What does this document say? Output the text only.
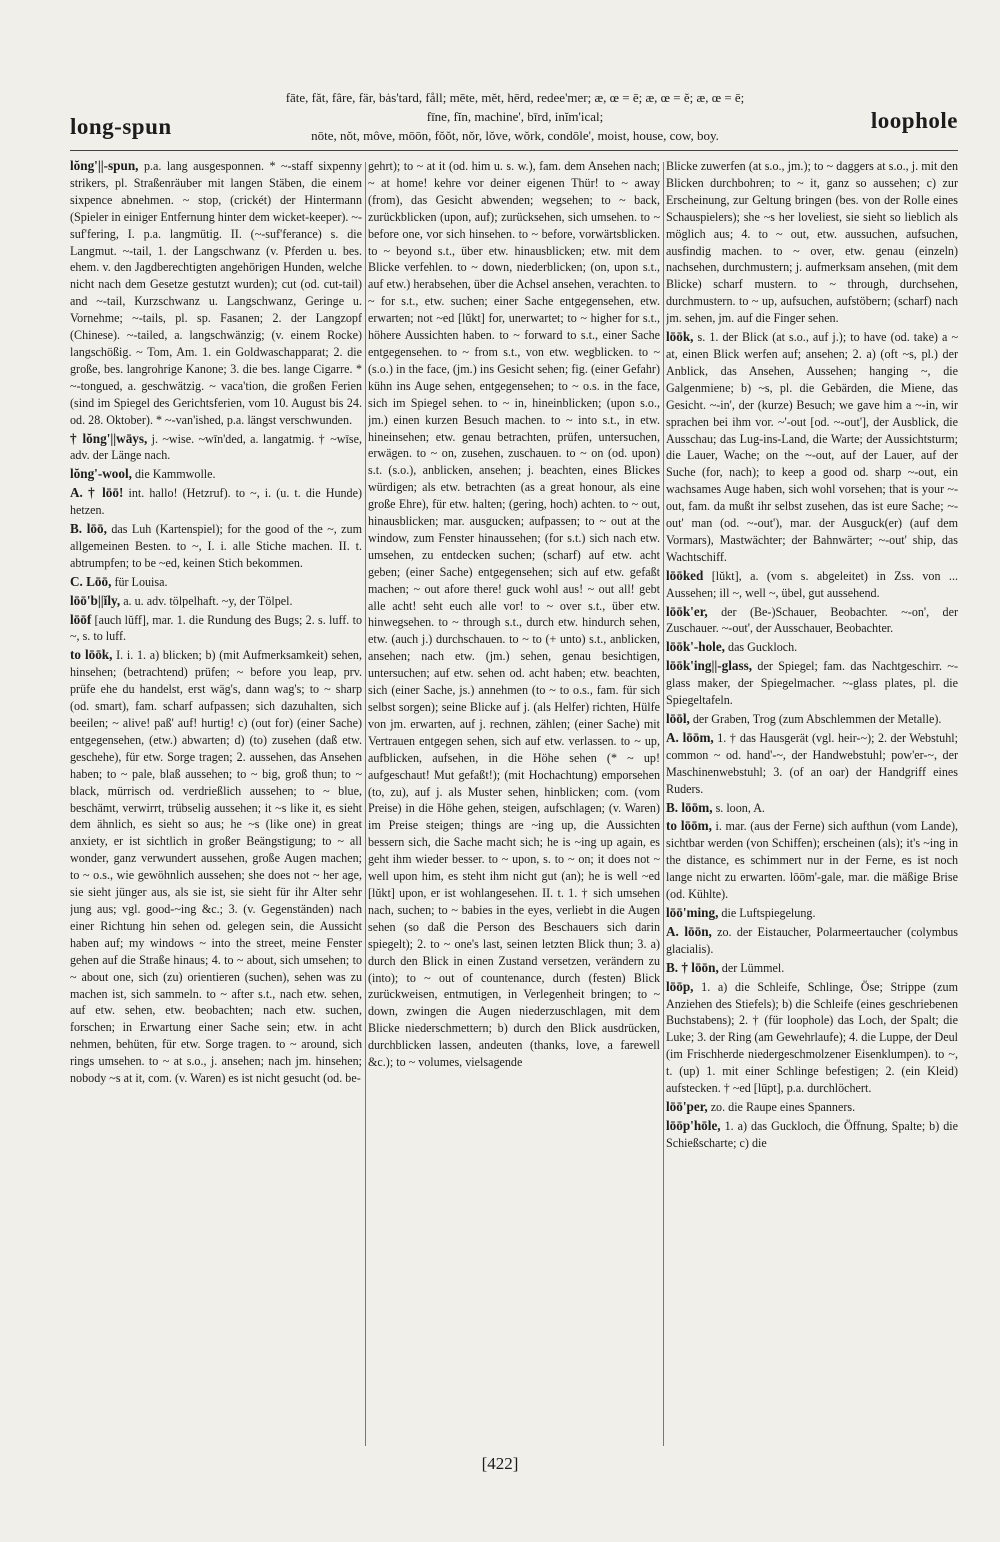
long-spun
fāte, făt, fâre, fär, bȧs'tard, fåll; mēte, mĕt, hērd, redee'mer; æ, œ = ē; æ, œ = ĕ; æ, œ = ē;
fīne, fĭn, machine', bīrd, inĭm'ical;
nōte, nŏt, môve, mōōn, fŏŏt, nŏr, lŏve, wŏrk, condōle', moist, house, cow, boy.
loophole

lŏng'||-spun, p.a. lang ausgesponnen. * ~-staff sixpenny strikers, pl. Straßenräuber mit langen Stäben, die einem sixpence abnehmen. ~ stop, (crickét) der Hintermann (Spieler in einiger Entfernung hinter dem wicket-keeper). ~-suf'fering, I. p.a. langmütig. II. (~-suf'ferance) s. die Langmut. ~-tail, 1. der Langschwanz (v. Pferden u. bes. ehem. v. den Jagdberechtigten angehörigen Hunden, welche nicht nach dem Gesetze gestutzt wurden); cut (od. cut-tail) and ~-tail, Kurzschwanz u. Langschwanz, Geringe u. Vornehme; ~-tails, pl. sp. Fasanen; 2. der Langzopf (Chinese). ~-tailed, a. langschwänzig; (v. einem Rocke) langschößig. ~ Tom, Am. 1. ein Goldwaschapparat; 2. die große, bes. langrohrige Kanone; 3. die bes. lange Cigarre. * ~-tongued, a. geschwätzig. ~ vaca'tion, die großen Ferien (sind im Spiegel des Gerichtsferien, vom 10. August bis 24. od. 28. Oktober). * ~-van'ished, p.a. längst verschwunden.

† lŏng'||wāys, j. ~wise. ~wīn'ded, a. langatmig. † ~wīse, adv. der Länge nach.

lŏng'-wool, die Kammwolle.

A. † lōō! int. hallo! (Hetzruf). to ~, i. (u. t. die Hunde) hetzen.

B. lōō, das Luh (Kartenspiel); for the good of the ~, zum allgemeinen Besten. to ~, I. i. alle Stiche machen. II. t. abtrumpfen; to be ~ed, keinen Stich bekommen.

C. Lōō, für Louisa.

lōō'b||ĭly, a. u. adv. tölpelhaft. ~y, der Tölpel.

lōōf [auch lŭff], mar. 1. die Rundung des Bugs; 2. s. luff. to ~, s. to luff.

to lōōk, I. i. 1. a) blicken; b) (mit Aufmerksamkeit) sehen, hinsehen; (betrachtend) prüfen; ~ before you leap, prv. prüfe ehe du handelst, erst wäg's, dann wag's; to ~ sharp (od. smart), fam. scharf aufpassen; sich dazuhalten, sich beeilen; ~ alive! paß' auf! hurtig! c) (out for) (einer Sache) entgegensehen, (etw.) abwarten; d) (to) zusehen (daß etw. geschehe), für etw. Sorge tragen; 2. aussehen, das Ansehen haben; to ~ pale, blaß aussehen; to ~ big, groß thun; to ~ black, mürrisch od. verdrießlich aussehen; to ~ blue, beschämt, verwirrt, trübselig aussehen; it ~s like it, es sieht dem ähnlich, es sieht so aus; he ~s (like one) in great anxiety, er ist sichtlich in großer Beängstigung; to ~ all wonder, ganz verwundert aussehen, große Augen machen; to ~ o.s., wie gewöhnlich aussehen; she does not ~ her age, sie sieht jünger aus, als sie ist, sie sieht für ihr Alter sehr jung aus; vgl. good-~ing &c.; 3. (v. Gegenständen) nach einer Richtung hin sehen od. gelegen sein, die Aussicht haben auf; my windows ~ into the street, meine Fenster gehen auf die Straße hinaus; 4. to ~ about, sich umsehen; to ~ about one, sich (zu) orientieren (suchen), sehen was zu machen ist, sich sammeln. to ~ after s.t., nach etw. sehen, auf etw. sehen, etw. beobachten; nach etw. suchen, forschen; in Erwartung einer Sache sein; etw. in acht nehmen, behüten, für etw. Sorge tragen. to ~ around, sich rings umsehen. to ~ at s.o., j. ansehen; nach jm. hinsehen; nobody ~s at it, com. (v. Waren) es ist nicht gesucht (od. be-

gehrt); to ~ at it (od. him u. s. w.), fam. dem Ansehen nach; ~ at home! kehre vor deiner eigenen Thür! to ~ away (from), das Gesicht abwenden; wegsehen; to ~ back, zurückblicken (upon, auf); zurücksehen, sich umsehen. to ~ before one, vor sich hinsehen. to ~ before, vorwärtsblicken. to ~ beyond s.t., über etw. hinausblicken; etw. mit dem Blicke verfehlen. to ~ down, niederblicken; (on, upon s.t., auf etw.) herabsehen, über die Achsel ansehen, verachten. to ~ for s.t., etw. suchen; einer Sache entgegensehen, etw. erwarten; not ~ed [lŭkt] for, unerwartet; to ~ higher for s.t., höhere Aussichten haben. to ~ forward to s.t., einer Sache entgegensehen. to ~ from s.t., von etw. wegblicken. to ~ (s.o.) in the face, (jm.) ins Gesicht sehen; fig. (einer Gefahr) kühn ins Auge sehen, entgegensehen; to ~ o.s. in the face, sich im Spiegel sehen. to ~ in, hineinblicken; (upon s.o., jm.) einen kurzen Besuch machen. to ~ into s.t., in etw. hineinsehen; etw. genau betrachten, prüfen, untersuchen, erwägen. to ~ on, zusehen, zuschauen. to ~ on (od. upon) s.t. (s.o.), anblicken, ansehen; j. beachten, eines Blickes würdigen; als etw. betrachten (as a great honour, als eine große Ehre), für etw. halten; (gering, hoch) achten. to ~ out, hinausblicken; mar. ausgucken; aufpassen; to ~ out at the window, zum Fenster hinaussehen; (for s.t.) sich nach etw. umsehen, zu entdecken suchen; (scharf) auf etw. acht geben; (einer Sache) entgegensehen; sich auf etw. gefaßt machen; ~ out afore there! guck wohl aus! ~ out all! gebt alle acht! seht euch alle vor! to ~ over s.t., über etw. hinwegsehen. to ~ through s.t., durch etw. hindurch sehen, etw. (auch j.) durchschauen. to ~ to (+ unto) s.t., anblicken, ansehen; nach etw. (jm.) sehen, genau besichtigen, untersuchen; auf etw. sehen od. acht haben; etw. beachten, sich (einer Sache, js.) annehmen (to ~ to o.s., fam. für sich selbst sorgen); seine Blicke auf j. (als Helfer) richten, Hülfe von jm. erwarten, auf j. rechnen, zählen; (einer Sache) mit Vertrauen entgegen sehen, sich auf etw. verlassen. to ~ up, aufblicken, aufsehen, in die Höhe sehen (* ~ up! aufgeschaut! Mut gefaßt!); (mit Hochachtung) emporsehen (to, zu), auf j. als Muster sehen, hinblicken; com. (vom Preise) in die Höhe gehen, steigen, aufschlagen; (v. Waren) im Preise steigen; things are ~ing up, die Aussichten bessern sich, die Sache macht sich; he is ~ing up again, es geht ihm wieder besser. to ~ upon, s. to ~ on; it does not ~ well upon him, es steht ihm nicht gut (an); he is well ~ed [lŭkt] upon, er ist wohlangesehen. II. t. 1. † sich umsehen nach, suchen; to ~ babies in the eyes, verliebt in die Augen sehen (so daß die Person des Beschauers sich darin spiegelt); 2. to ~ one's last, seinen letzten Blick thun; 3. a) durch den Blick in einen Zustand versetzen, verändern zu (into); to ~ out of countenance, durch (festen) Blick zurückweisen, entmutigen, in Verlegenheit bringen; to ~ down, zwingen die Augen niederzuschlagen, mit dem Blicke niederschmettern; b) durch den Blick ausdrücken, durchblicken lassen, andeuten (thanks, love, a farewell &c.); to ~ volumes, vielsagende

Blicke zuwerfen (at s.o., jm.); to ~ daggers at s.o., j. mit den Blicken durchbohren; to ~ it, ganz so aussehen; c) zur Erscheinung, zur Geltung bringen (bes. von der Rolle eines Schauspielers); she ~s her loveliest, sie sieht so lieblich als möglich aus; 4. to ~ out, etw. aussuchen, aufsuchen, ausfindig machen. to ~ over, etw. genau (einzeln) nachsehen, durchmustern; j. aufmerksam ansehen, (mit dem Blicke) scharf mustern. to ~ through, durchsehen, durchmustern. to ~ up, aufsuchen, aufstöbern; (scharf) nach jm. sehen, jm. auf die Finger sehen.

lōōk, s. 1. der Blick (at s.o., auf j.); to have (od. take) a ~ at, einen Blick werfen auf; ansehen; 2. a) (oft ~s, pl.) der Anblick, das Ansehen, Aussehen; hanging ~, die Galgenmiene; b) ~s, pl. die Gebärden, die Miene, das Gesicht. ~-in', der (kurze) Besuch; we gave him a ~-in, wir sprachen bei ihm vor. ~'-out [od. ~-out'], der Ausblick, die Ausschau; das Lug-ins-Land, die Warte; der Aussichtsturm; die Lauer, Wache; on the ~-out, auf der Lauer, auf der Suche (for, nach); to keep a good od. sharp ~-out, ein wachsames Auge haben, sich wohl vorsehen; that is your ~-out, fam. da mußt ihr selbst zusehen, das ist eure Sache; ~-out' man (od. ~-out'), mar. der Ausguck(er) (auf dem Vormars), Mastwächter; der Bahnwärter; ~-out' ship, das Wachtschiff.

lōōked [lŭkt], a. (vom s. abgeleitet) in Zss. von ... Aussehen; ill ~, well ~, übel, gut aussehend.

lōōk'er, der (Be-)Schauer, Beobachter. ~-on', der Zuschauer. ~-out', der Ausschauer, Beobachter.

lōōk'-hole, das Guckloch.

lōōk'ing||-glass, der Spiegel; fam. das Nachtgeschirr. ~-glass maker, der Spiegelmacher. ~-glass plates, pl. die Spiegeltafeln.

lōōl, der Graben, Trog (zum Abschlemmen der Metalle).

A. lōōm, 1. † das Hausgerät (vgl. heir-~); 2. der Webstuhl; common ~ od. hand'-~, der Handwebstuhl; pow'er-~, der Maschinenwebstuhl; 3. (of an oar) der Handgriff eines Ruders.

B. lōōm, s. loon, A.

to lōōm, i. mar. (aus der Ferne) sich aufthun (vom Lande), sichtbar werden (von Schiffen); erscheinen (als); it's ~ing in the distance, es schimmert nur in der Ferne, es ist noch lange nicht zu erwarten. lōōm'-gale, mar. die mäßige Brise (od. Kühlte).

lōō'ming, die Luftspiegelung.

A. lōōn, zo. der Eistaucher, Polarmeertaucher (colymbus glacialis).

B. † lōōn, der Lümmel.

lōōp, 1. a) die Schleife, Schlinge, Öse; Strippe (zum Anziehen des Stiefels); b) die Schleife (eines geschriebenen Buchstabens); 2. † (für loophole) das Loch, der Spalt; die Luke; 3. der Ring (am Gewehrlaufe); 4. die Luppe, der Deul (im Frischherde niedergeschmolzener Eisenklumpen). to ~, t. (up) 1. mit einer Schlinge befestigen; 2. (ein Kleid) aufstecken. † ~ed [lūpt], p.a. durchlöchert.

lōō'per, zo. die Raupe eines Spanners.

lōōp'hōle, 1. a) das Guckloch, die Öffnung, Spalte; b) die Schießscharte; c) die

[422]
